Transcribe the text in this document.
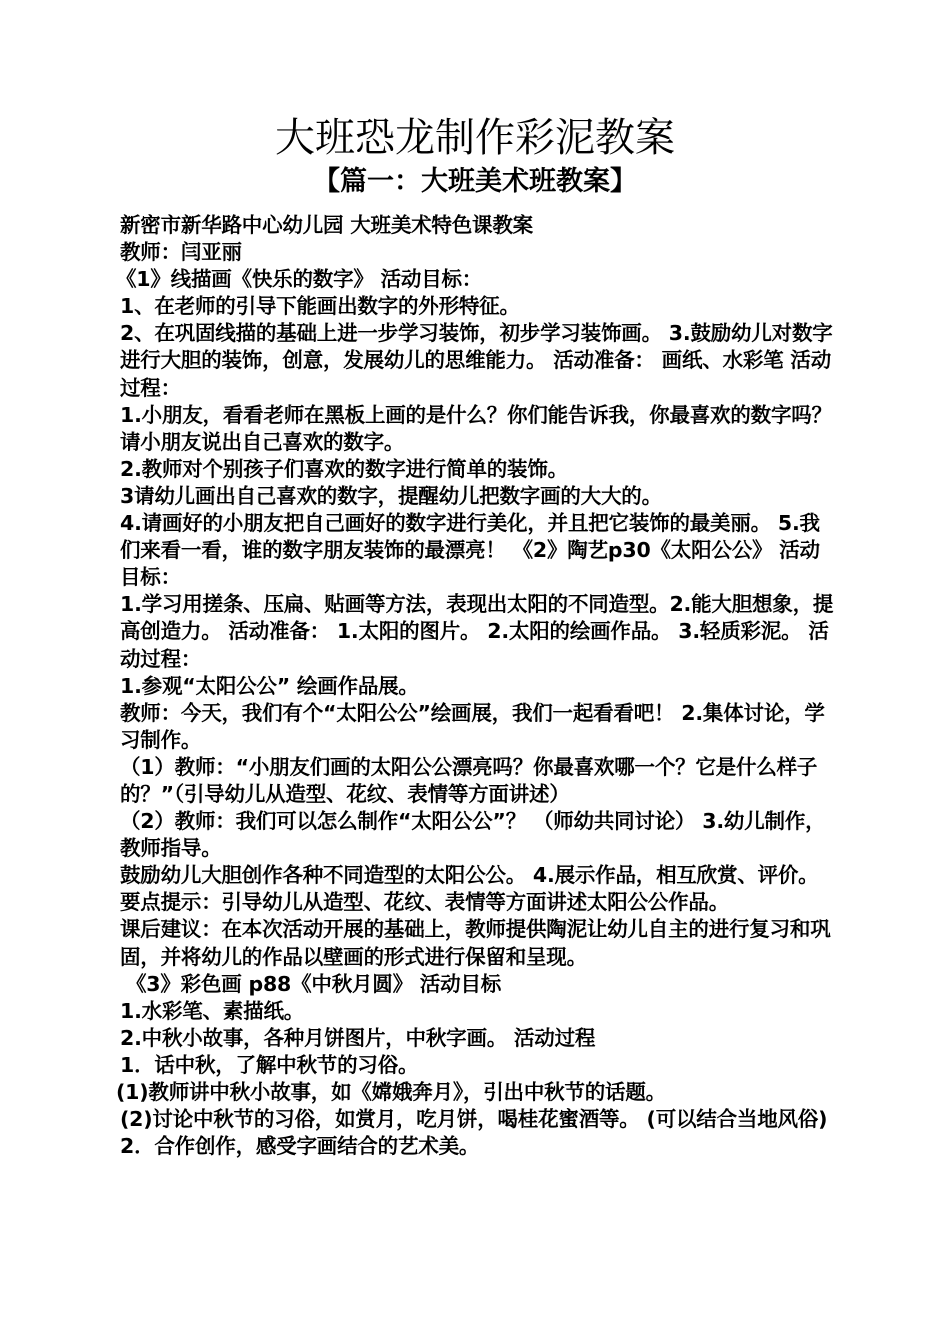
大班恐龙制作彩泥教案
【篇一：大班美术班教案】

新密市新华路中心幼儿园 大班美术特色课教案

教师：闫亚丽

《1》线描画《快乐的数字》 活动目标：

1、在老师的引导下能画出数字的外形特征。

2、在巩固线描的基础上进一步学习装饰，初步学习装饰画。 3.鼓励幼儿对数字进行大胆的装饰，创意，发展幼儿的思维能力。 活动准备： 画纸、水彩笔 活动过程：

1.小朋友，看看老师在黑板上画的是什么？你们能告诉我，你最喜欢的数字吗？ 请小朋友说出自己喜欢的数字。

2.教师对个别孩子们喜欢的数字进行简单的装饰。

3请幼儿画出自己喜欢的数字，提醒幼儿把数字画的大大的。

4.请画好的小朋友把自己画好的数字进行美化，并且把它装饰的最美丽。 5.我们来看一看，谁的数字朋友装饰的最漂亮！ 《2》陶艺p30《太阳公公》 活动目标：

1.学习用搓条、压扁、贴画等方法，表现出太阳的不同造型。2.能大胆想象，提高创造力。 活动准备： 1.太阳的图片。 2.太阳的绘画作品。 3.轻质彩泥。 活动过程：

1.参观“太阳公公” 绘画作品展。

教师：今天，我们有个“太阳公公”绘画展，我们一起看看吧！ 2.集体讨论，学习制作。

（1）教师：“小朋友们画的太阳公公漂亮吗？你最喜欢哪一个？它是什么样子的？”（引导幼儿从造型、花纹、表情等方面讲述）

（2）教师：我们可以怎么制作“太阳公公”？ （师幼共同讨论） 3.幼儿制作，教师指导。

鼓励幼儿大胆创作各种不同造型的太阳公公。 4.展示作品，相互欣赏、评价。

要点提示：引导幼儿从造型、花纹、表情等方面讲述太阳公公作品。

课后建议：在本次活动开展的基础上，教师提供陶泥让幼儿自主的进行复习和巩固，并将幼儿的作品以壁画的形式进行保留和呈现。

《3》彩色画 p88《中秋月圆》 活动目标

1.水彩笔、素描纸。

2.中秋小故事，各种月饼图片，中秋字画。 活动过程

1．话中秋，了解中秋节的习俗。

(1)教师讲中秋小故事，如《嫦娥奔月》，引出中秋节的话题。

(2)讨论中秋节的习俗，如赏月，吃月饼，喝桂花蜜酒等。 (可以结合当地风俗) 2．合作创作，感受字画结合的艺术美。
